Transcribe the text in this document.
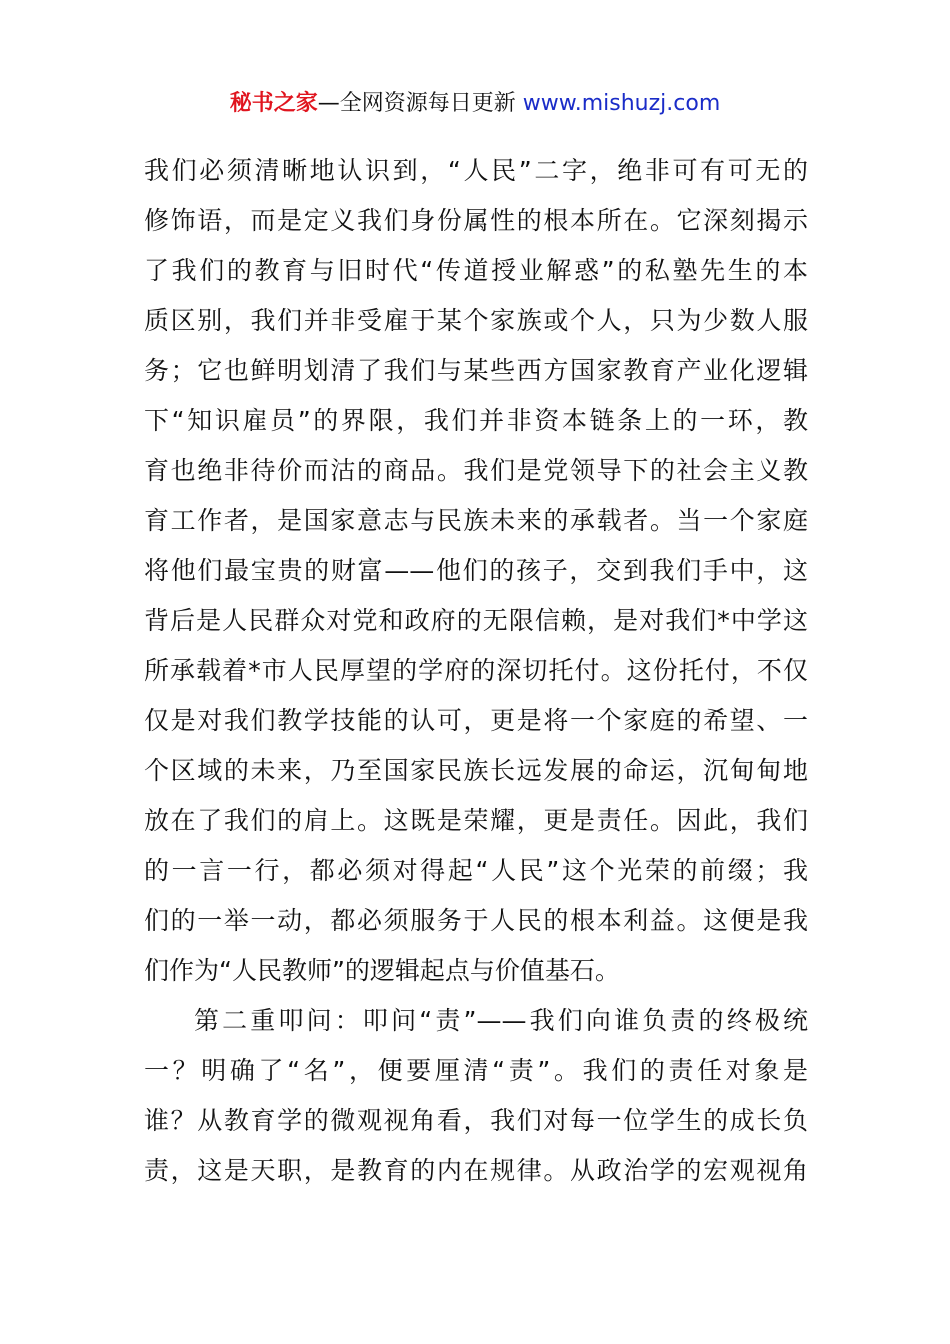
秘书之家—全网资源每日更新 www.mishuzj.com
我们必须清晰地认识到，“人民”二字，绝非可有可无的
修饰语，而是定义我们身份属性的根本所在。它深刻揭示
了我们的教育与旧时代“传道授业解惑”的私塾先生的本
质区别，我们并非受雇于某个家族或个人，只为少数人服
务；它也鲜明划清了我们与某些西方国家教育产业化逻辑
下“知识雇员”的界限，我们并非资本链条上的一环，教
育也绝非待价而沽的商品。我们是党领导下的社会主义教
育工作者，是国家意志与民族未来的承载者。当一个家庭
将他们最宝贵的财富——他们的孩子，交到我们手中，这
背后是人民群众对党和政府的无限信赖，是对我们*中学这
所承载着*市人民厚望的学府的深切托付。这份托付，不仅
仅是对我们教学技能的认可，更是将一个家庭的希望、一
个区域的未来，乃至国家民族长远发展的命运，沉甸甸地
放在了我们的肩上。这既是荣耀，更是责任。因此，我们
的一言一行，都必须对得起“人民”这个光荣的前缀；我
们的一举一动，都必须服务于人民的根本利益。这便是我
们作为“人民教师”的逻辑起点与价值基石。
第二重叩问：叩问“责”——我们向谁负责的终极统
一？明确了“名”，便要厘清“责”。我们的责任对象是
谁？从教育学的微观视角看，我们对每一位学生的成长负
责，这是天职，是教育的内在规律。从政治学的宏观视角
